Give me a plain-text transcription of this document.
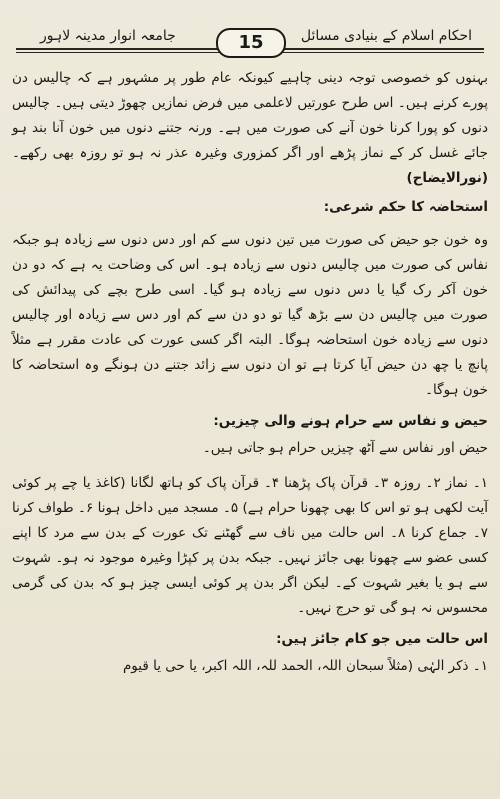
جامعہ انوار مدینہ لاہور	15	احکام اسلام کے بنیادی مسائل

بہنوں کو خصوصی توجہ دینی چاہیے کیونکہ عام طور پر مشہور ہے کہ چالیس دن پورے کرنے ہیں۔ اس طرح عورتیں لاعلمی میں فرض نمازیں چھوڑ دیتی ہیں۔ چالیس دنوں کو پورا کرنا خون آنے کی صورت میں ہے۔ ورنہ جتنے دنوں میں خون آنا بند ہو جائے غسل کر کے نماز پڑھے اور اگر کمزوری وغیرہ عذر نہ ہو تو روزہ بھی رکھے۔ (نورالایضاح)

استحاضہ کا حکم شرعی:

وہ خون جو حیض کی صورت میں تین دنوں سے کم اور دس دنوں سے زیادہ ہو جبکہ نفاس کی صورت میں چالیس دنوں سے زیادہ ہو۔ اس کی وضاحت یہ ہے کہ دو دن خون آکر رک گیا یا دس دنوں سے زیادہ ہو گیا۔ اسی طرح بچے کی پیدائش کی صورت میں چالیس دن سے بڑھ گیا تو دو دن سے کم اور دس سے زیادہ اور چالیس دنوں سے زیادہ خون استحاضہ ہوگا۔ البتہ اگر کسی عورت کی عادت مقرر ہے مثلاً پانچ یا چھ دن حیض آیا کرتا ہے تو ان دنوں سے زائد جتنے دن ہونگے وہ استحاضہ کا خون ہوگا۔

حیض و نفاس سے حرام ہونے والی چیزیں:

حیض اور نفاس سے آٹھ چیزیں حرام ہو جاتی ہیں۔

۱۔ نماز ۲۔ روزہ ۳۔ قرآن پاک پڑھنا ۴۔ قرآن پاک کو ہاتھ لگانا (کاغذ یا چے پر کوئی آیت لکھی ہو تو اس کا بھی چھونا حرام ہے) ۵۔ مسجد میں داخل ہونا ۶۔ طواف کرنا ۷۔ جماع کرنا ۸۔ اس حالت میں ناف سے گھٹنے تک عورت کے بدن سے مرد کا اپنے کسی عضو سے چھونا بھی جائز نہیں۔ جبکہ بدن پر کپڑا وغیرہ موجود نہ ہو۔ شہوت سے ہو یا بغیر شہوت کے۔ لیکن اگر بدن پر کوئی ایسی چیز ہو کہ بدن کی گرمی محسوس نہ ہو گی تو حرج نہیں۔

اس حالت میں جو کام جائز ہیں:

۱۔ ذکر الہٰی (مثلاً سبحان اللہ، الحمد للہ، اللہ اکبر، یا حی یا قیوم
